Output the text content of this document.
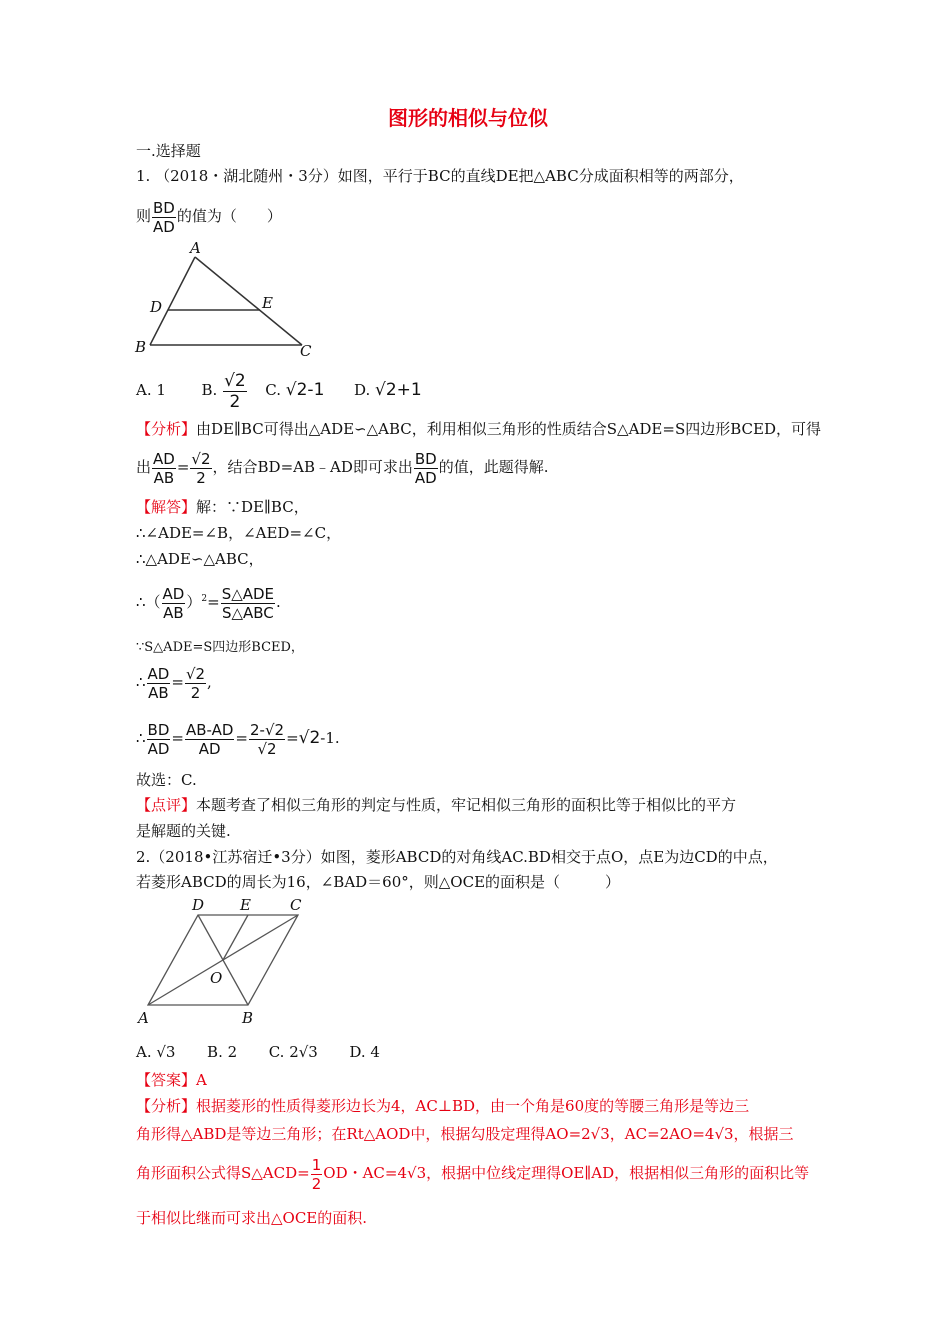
图形的相似与位似
一.选择题
1. （2018・湖北随州・3分）如图，平行于BC的直线DE把△ABC分成面积相等的两部分，
则 $\frac{BD}{AD}$ 的值为（　　）
A
D	E
B	C
A. 1 B. $\frac{√2}{2} C$. √2-1 D. √2+1
【分析】由DE∥BC可得出△ADE∽△ABC，利用相似三角形的性质结合S△ADE=S四边形BCED，可得
出 $\frac{AD}{AB} = \frac{√2}{2}$ ，结合BD=AB﹣AD即可求出 $\frac{BD}{AD}$ 的值，此题得解.
【解答】解：∵DE∥BC，
∴∠ADE=∠B，∠AED=∠C，
∴△ADE∽△ABC，
∴（ $\frac{AD}{AB} )^2= \frac{\text{S△ADE}}{\text{S△ABC}}$ .
∵S△ADE=S四边形BCED，
∴ $\frac{AD}{AB} = \frac{√2}{2}$ ,
∴ $\frac{BD}{AD} = \frac{AB-AD}{AD} = \frac{2-√2}{√2} =√2-1$.
故选：C.
【点评】本题考查了相似三角形的判定与性质，牢记相似三角形的面积比等于相似比的平方
是解题的关键.
2.（2018•江苏宿迁•3分）如图，菱形ABCD的对角线AC.BD相交于点O，点E为边CD的中点，
若菱形ABCD的周长为16，∠BAD＝60°，则△OCE的面积是（　　　）
D E	C
O
A	B
A. √3 B. 2 C. 2√3 D. 4
【答案】A
【分析】根据菱形的性质得菱形边长为4，AC⊥BD，由一个角是60度的等腰三角形是等边三
角形得△ABD是等边三角形；在Rt△AOD中，根据勾股定理得AO=2√3，AC=2AO=4√3，根据三
角形面积公式得S△ACD= $\frac{1}{2}$ OD・AC=4√3，根据中位线定理得OE∥AD，根据相似三角形的面积比等
于相似比继而可求出△OCE的面积.
